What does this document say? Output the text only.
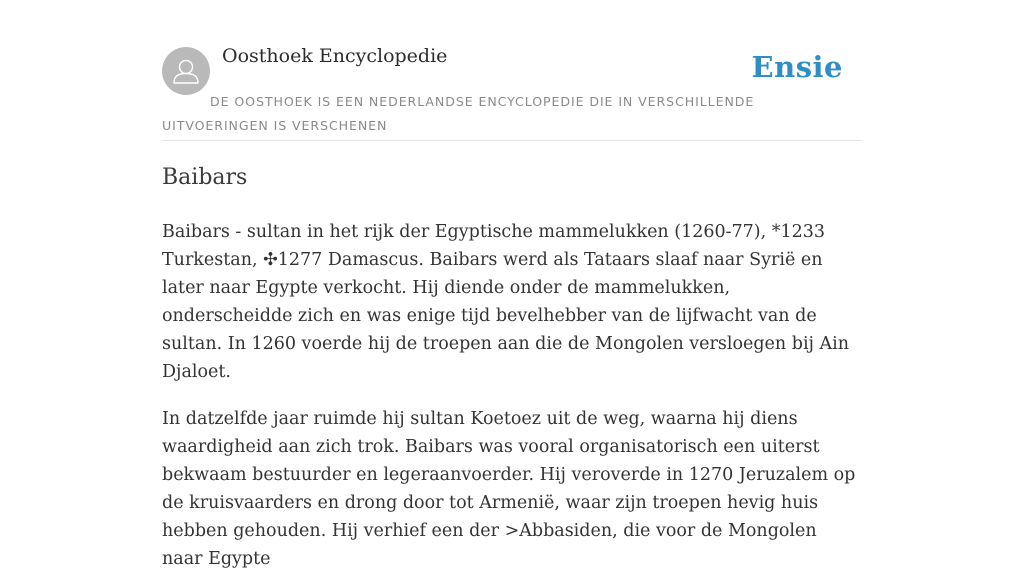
Oosthoek Encyclopedie	Ensie
DE OOSTHOEK IS EEN NEDERLANDSE ENCYCLOPEDIE DIE IN VERSCHILLENDE UITVOERINGEN IS VERSCHENEN
Baibars

Baibars - sultan in het rijk der Egyptische mammelukken (1260-77), *1233 Turkestan, ✣1277 Damascus. Baibars werd als Tataars slaaf naar Syrië en later naar Egypte verkocht. Hij diende onder de mammelukken, onderscheidde zich en was enige tijd bevelhebber van de lijfwacht van de sultan. In 1260 voerde hij de troepen aan die de Mongolen versloegen bij Ain Djaloet.

In datzelfde jaar ruimde hij sultan Koetoez uit de weg, waarna hij diens waardigheid aan zich trok. Baibars was vooral organisatorisch een uiterst bekwaam bestuurder en legeraanvoerder. Hij veroverde in 1270 Jeruzalem op de kruisvaarders en drong door tot Armenië, waar zijn troepen hevig huis hebben gehouden. Hij verhief een der >Abbasiden, die voor de Mongolen naar Egypte
